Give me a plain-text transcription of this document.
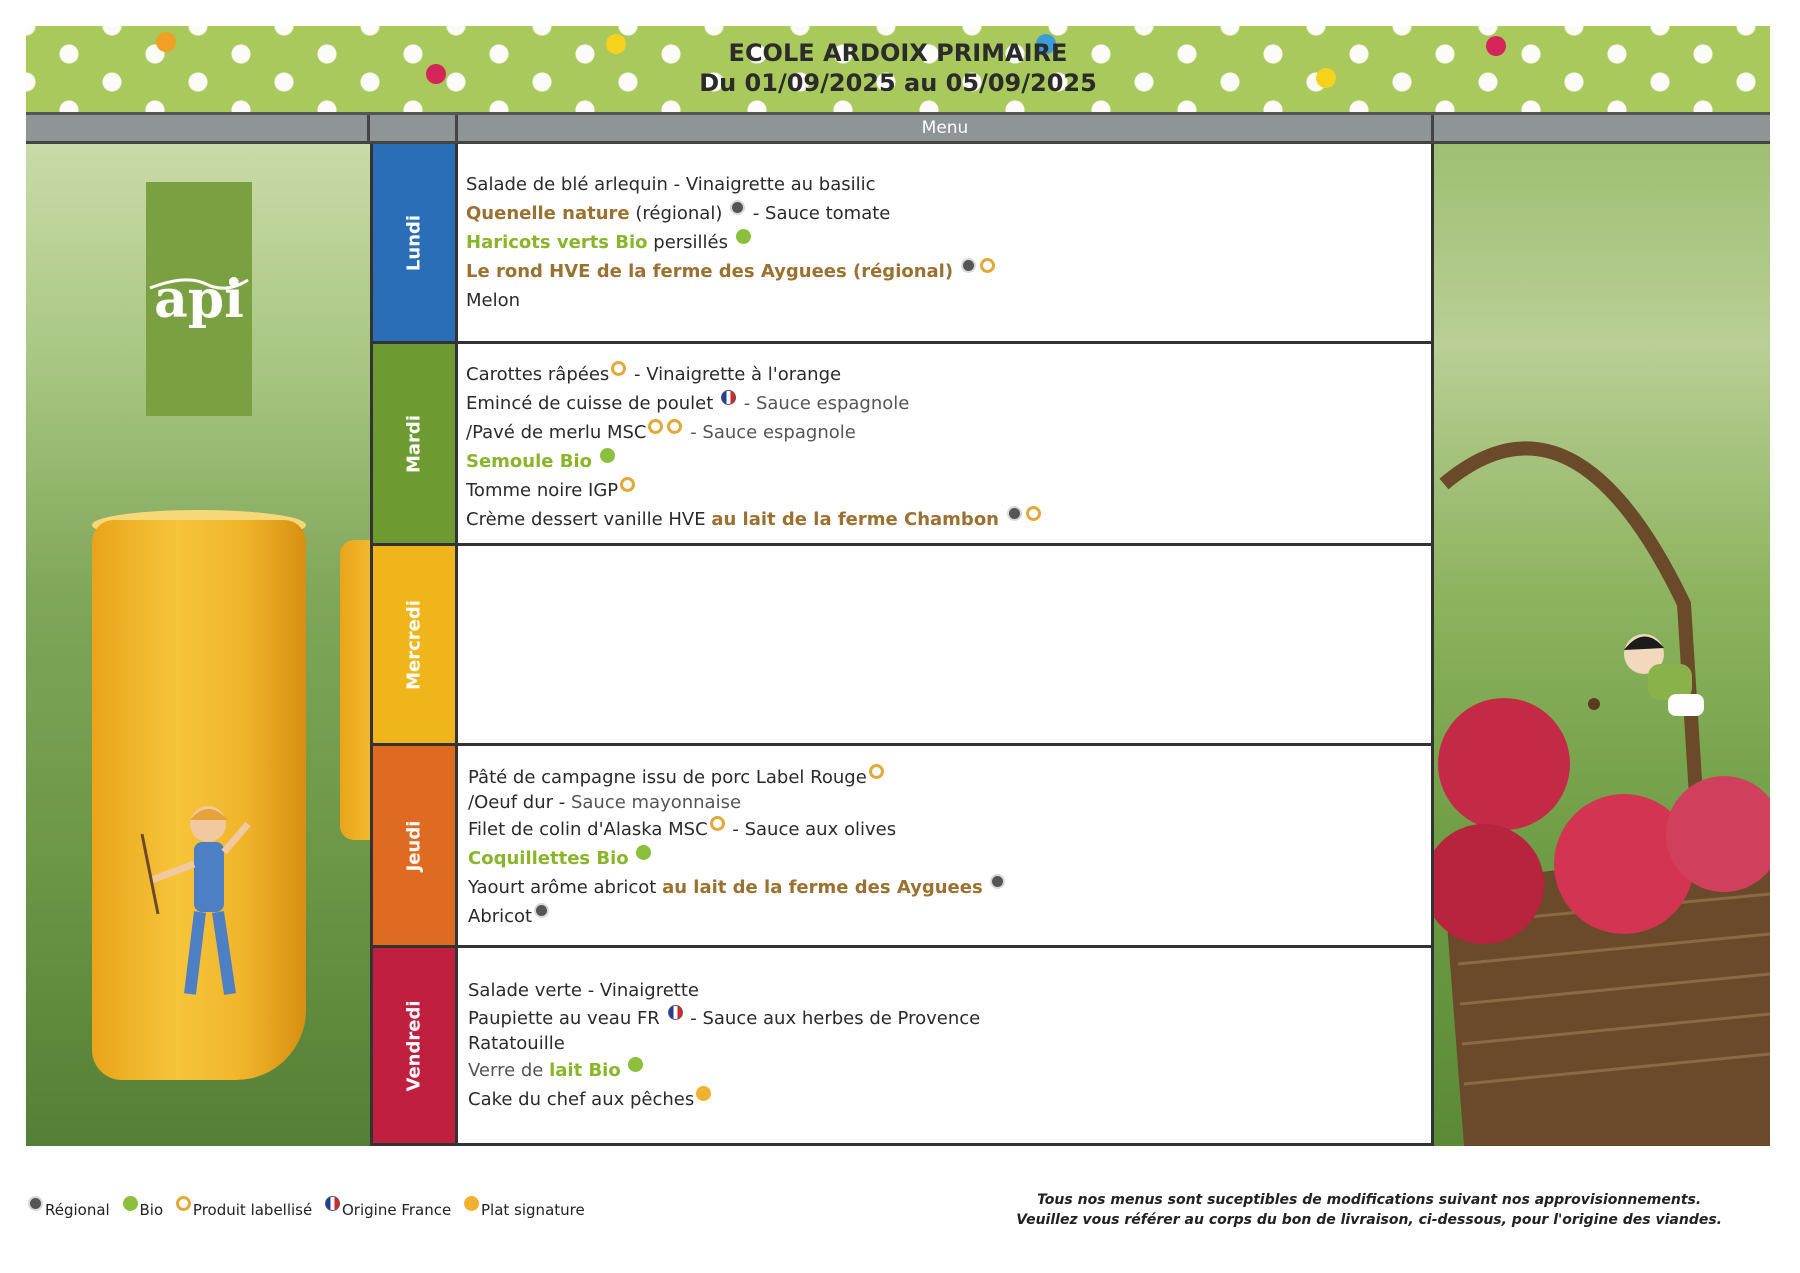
ECOLE ARDOIX PRIMAIRE
Du 01/09/2025 au 05/09/2025
Menu
api
Lundi
Mardi
Mercredi
Jeudi
Vendredi
Salade de blé arlequin - Vinaigrette au basilic
Quenelle nature (régional)  - Sauce tomate
Haricots verts Bio persillés
Le rond HVE de la ferme des Ayguees (régional)
Melon
Carottes râpées - Vinaigrette à l'orange
Emincé de cuisse de poulet  - Sauce espagnole
/Pavé de merlu MSC - Sauce espagnole
Semoule Bio
Tomme noire IGP
Crème dessert vanille HVE au lait de la ferme Chambon
Pâté de campagne issu de porc Label Rouge
/Oeuf dur - Sauce mayonnaise
Filet de colin d'Alaska MSC - Sauce aux olives
Coquillettes Bio
Yaourt arôme abricot au lait de la ferme des Ayguees
Abricot
Salade verte - Vinaigrette
Paupiette au veau FR  - Sauce aux herbes de Provence
Ratatouille
Verre de lait Bio
Cake du chef aux pêches
Régional Bio Produit labellisé Origine France Plat signature
Tous nos menus sont suceptibles de modifications suivant nos approvisionnements.
Veuillez vous référer au corps du bon de livraison, ci-dessous, pour l'origine des viandes.
